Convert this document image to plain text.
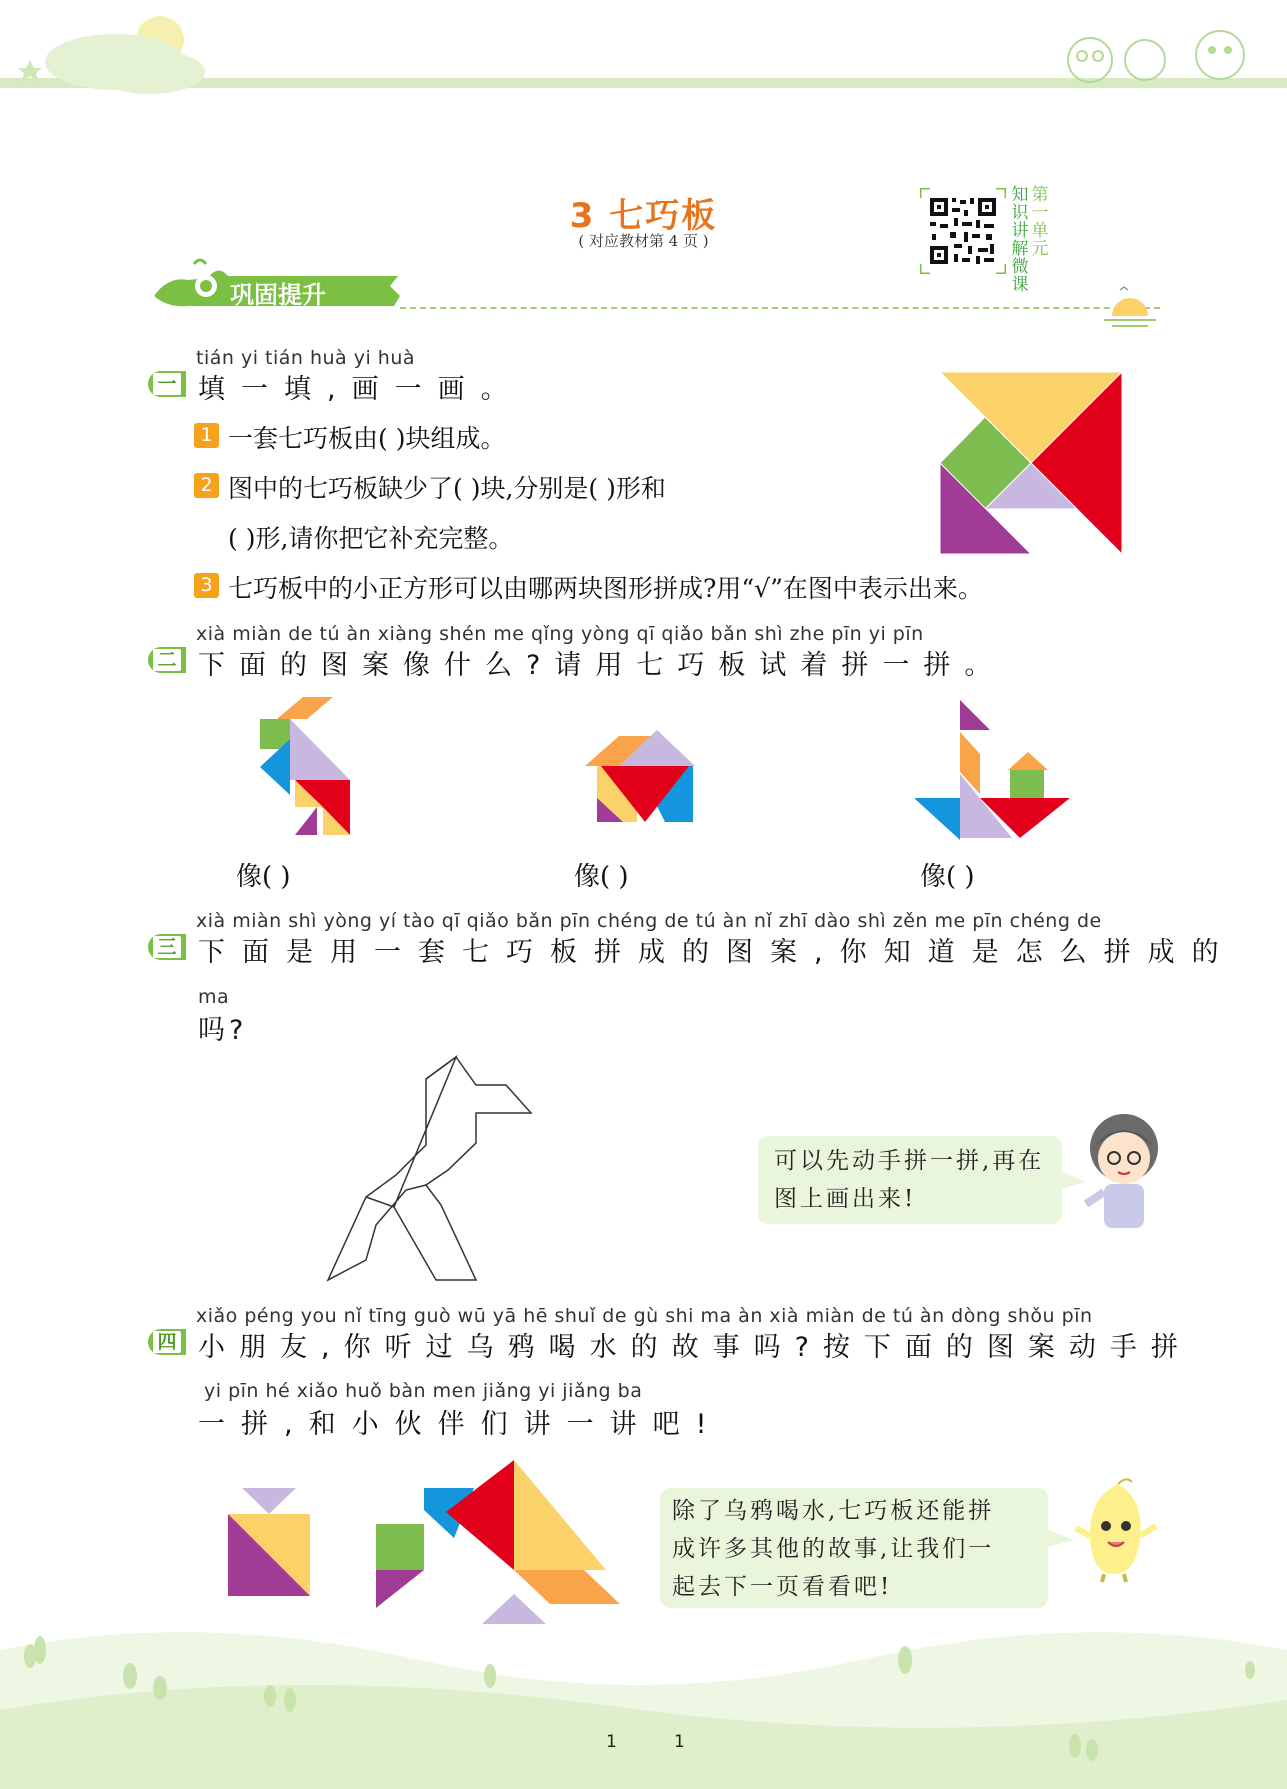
3 七巧板
( 对应教材第 4 页 )
知
识
讲
解
微
课第
一
单
元
巩固提升
tián yi tián huà yi huà
一 填一填,画一画。
1 一套七巧板由( )块组成。
2 图中的七巧板缺少了( )块,分别是( )形和
( )形,请你把它补充完整。
3 七巧板中的小正方形可以由哪两块图形拼成?用“√”在图中表示出来。
xià miàn de tú àn xiàng shén me qǐng yòng qī qiǎo bǎn shì zhe pīn yi pīn
二 下面的图案像什么?请用七巧板试着拼一拼。
像( )	像( )	像( )
xià miàn shì yòng yí tào qī qiǎo bǎn pīn chéng de tú àn nǐ zhī dào shì zěn me pīn chéng de
三 下面是用一套七巧板拼成的图案,你知道是怎么拼成的
ma
吗?
可以先动手拼一拼,再在
图上画出来!
xiǎo péng you nǐ tīng guò wū yā hē shuǐ de gù shi ma àn xià miàn de tú àn dòng shǒu pīn
四 小朋友,你听过乌鸦喝水的故事吗?按下面的图案动手拼
yi pīn hé xiǎo huǒ bàn men jiǎng yi jiǎng ba
一拼,和小伙伴们讲一讲吧!
除了乌鸦喝水,七巧板还能拼
成许多其他的故事,让我们一
起去下一页看看吧!
1	1
